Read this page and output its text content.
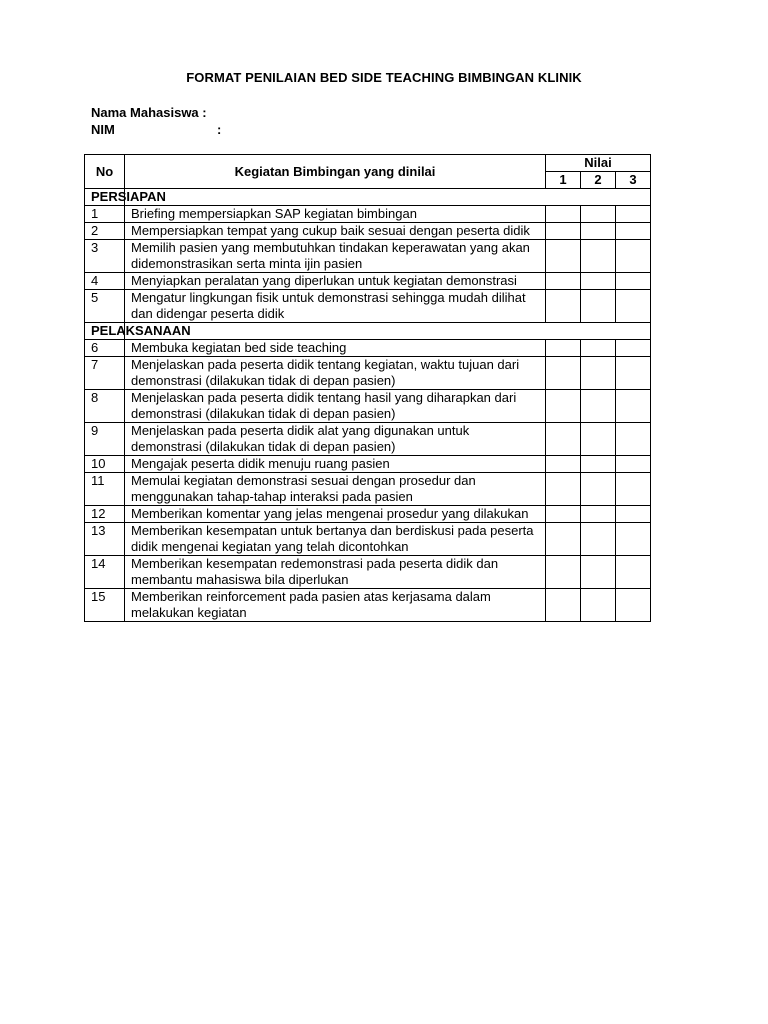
FORMAT PENILAIAN BED SIDE TEACHING BIMBINGAN KLINIK
Nama Mahasiswa :
NIM	:
No	Kegiatan Bimbingan yang dinilai	Nilai		
		1	2	3
PERSIAPAN				
1	Briefing mempersiapkan SAP kegiatan bimbingan			
2	Mempersiapkan tempat yang cukup baik sesuai dengan peserta didik			
3	Memilih pasien yang membutuhkan tindakan keperawatan yang akan didemonstrasikan serta minta ijin pasien			
4	Menyiapkan peralatan yang diperlukan untuk kegiatan demonstrasi			
5	Mengatur lingkungan fisik untuk demonstrasi sehingga mudah dilihat dan didengar peserta didik			
PELAKSANAAN				
6	Membuka kegiatan bed side teaching			
7	Menjelaskan pada peserta didik tentang kegiatan, waktu tujuan dari demonstrasi (dilakukan tidak di depan pasien)			
8	Menjelaskan pada peserta didik tentang hasil yang diharapkan dari demonstrasi (dilakukan tidak di depan pasien)			
9	Menjelaskan pada peserta didik alat yang digunakan untuk demonstrasi (dilakukan tidak di depan pasien)			
10	Mengajak peserta didik menuju ruang pasien			
11	Memulai kegiatan demonstrasi sesuai dengan prosedur dan menggunakan tahap-tahap interaksi pada pasien			
12	Memberikan komentar yang jelas mengenai prosedur yang dilakukan			
13	Memberikan kesempatan untuk bertanya dan berdiskusi pada peserta didik mengenai kegiatan yang telah dicontohkan			
14	Memberikan kesempatan redemonstrasi pada peserta didik dan membantu mahasiswa bila diperlukan			
15	Memberikan reinforcement pada pasien atas kerjasama dalam melakukan kegiatan			
